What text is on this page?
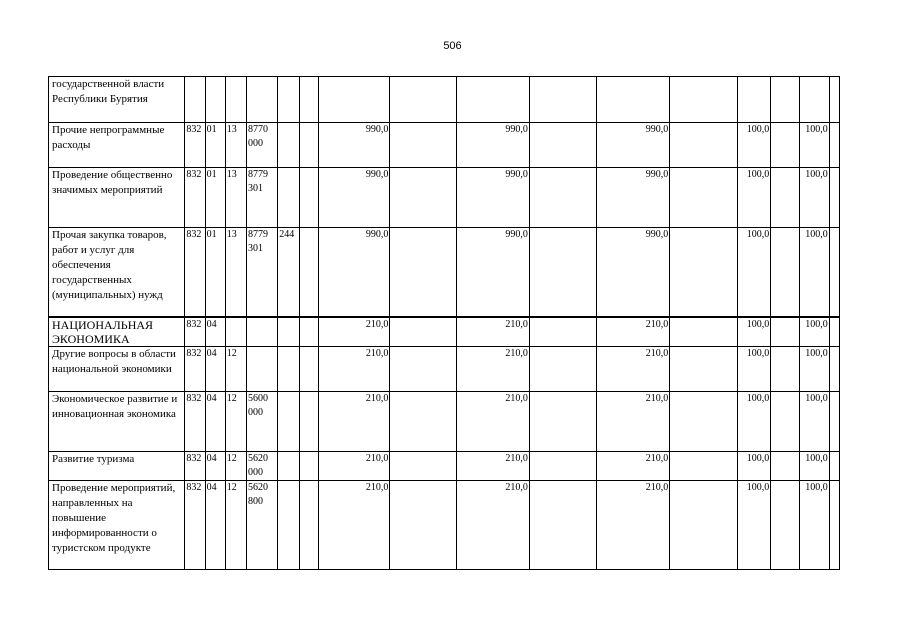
506
государственной власти Республики Бурятия																
Прочие непрограммные расходы	832	01	13	8770 000			990,0		990,0		990,0		100,0		100,0	
Проведение общественно значимых мероприятий	832	01	13	8779 301			990,0		990,0		990,0		100,0		100,0	
Прочая закупка товаров, работ и услуг для обеспечения государственных (муниципальных) нужд	832	01	13	8779 301	244		990,0		990,0		990,0		100,0		100,0	
НАЦИОНАЛЬНАЯ ЭКОНОМИКА	832	04					210,0		210,0		210,0		100,0		100,0	
Другие вопросы в области национальной экономики	832	04	12				210,0		210,0		210,0		100,0		100,0	
Экономическое развитие и инновационная экономика	832	04	12	5600 000			210,0		210,0		210,0		100,0		100,0	
Развитие туризма	832	04	12	5620 000			210,0		210,0		210,0		100,0		100,0	
Проведение мероприятий, направленных на повышение информированности о туристском продукте	832	04	12	5620 800			210,0		210,0		210,0		100,0		100,0	
